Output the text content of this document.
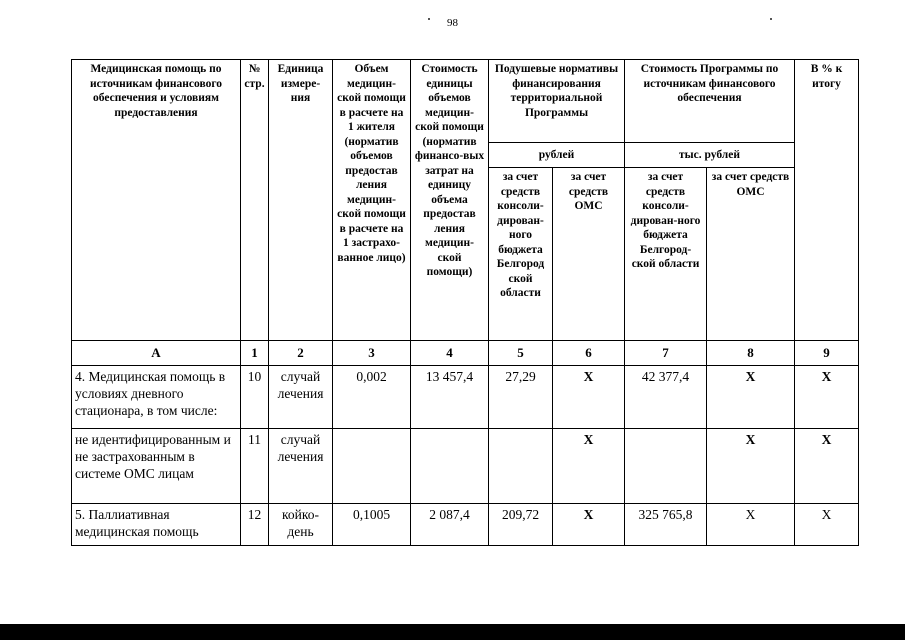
98
Медицинская помощь по источникам финансового обеспечения и условиям предоставления	№ стр.	Единица измере-ния	Объем медицин-ской помощи в расчете на 1 жителя (норматив объемов предостав ления медицин-ской помощи в расчете на 1 застрахо-ванное лицо)	Стоимость единицы объемов медицин-ской помощи (норматив финансо-вых затрат на единицу объема предостав ления медицин-ской помощи)	Подушевые нормативы финансирования территориальной Программы		Стоимость Программы по источникам финансового обеспечения		В % к итогу
					рублей		тыс. рублей		
					за счет средств консоли-дирован-ного бюджета Белгород ской области	за счет средств ОМС	за счет средств консоли-дирован-ного бюджета Белгород-ской области	за счет средств ОМС	
А	1	2	3	4	5	6	7	8	9
4. Медицинская помощь в условиях дневного стационара, в том числе:	10	случай лечения	0,002	13 457,4	27,29	Х	42 377,4	Х	Х
не идентифицированным и не застрахованным в системе ОМС лицам	11	случай лечения				Х		Х	Х
5. Паллиативная медицинская помощь	12	койко-день	0,1005	2 087,4	209,72	Х	325 765,8	Х	Х
